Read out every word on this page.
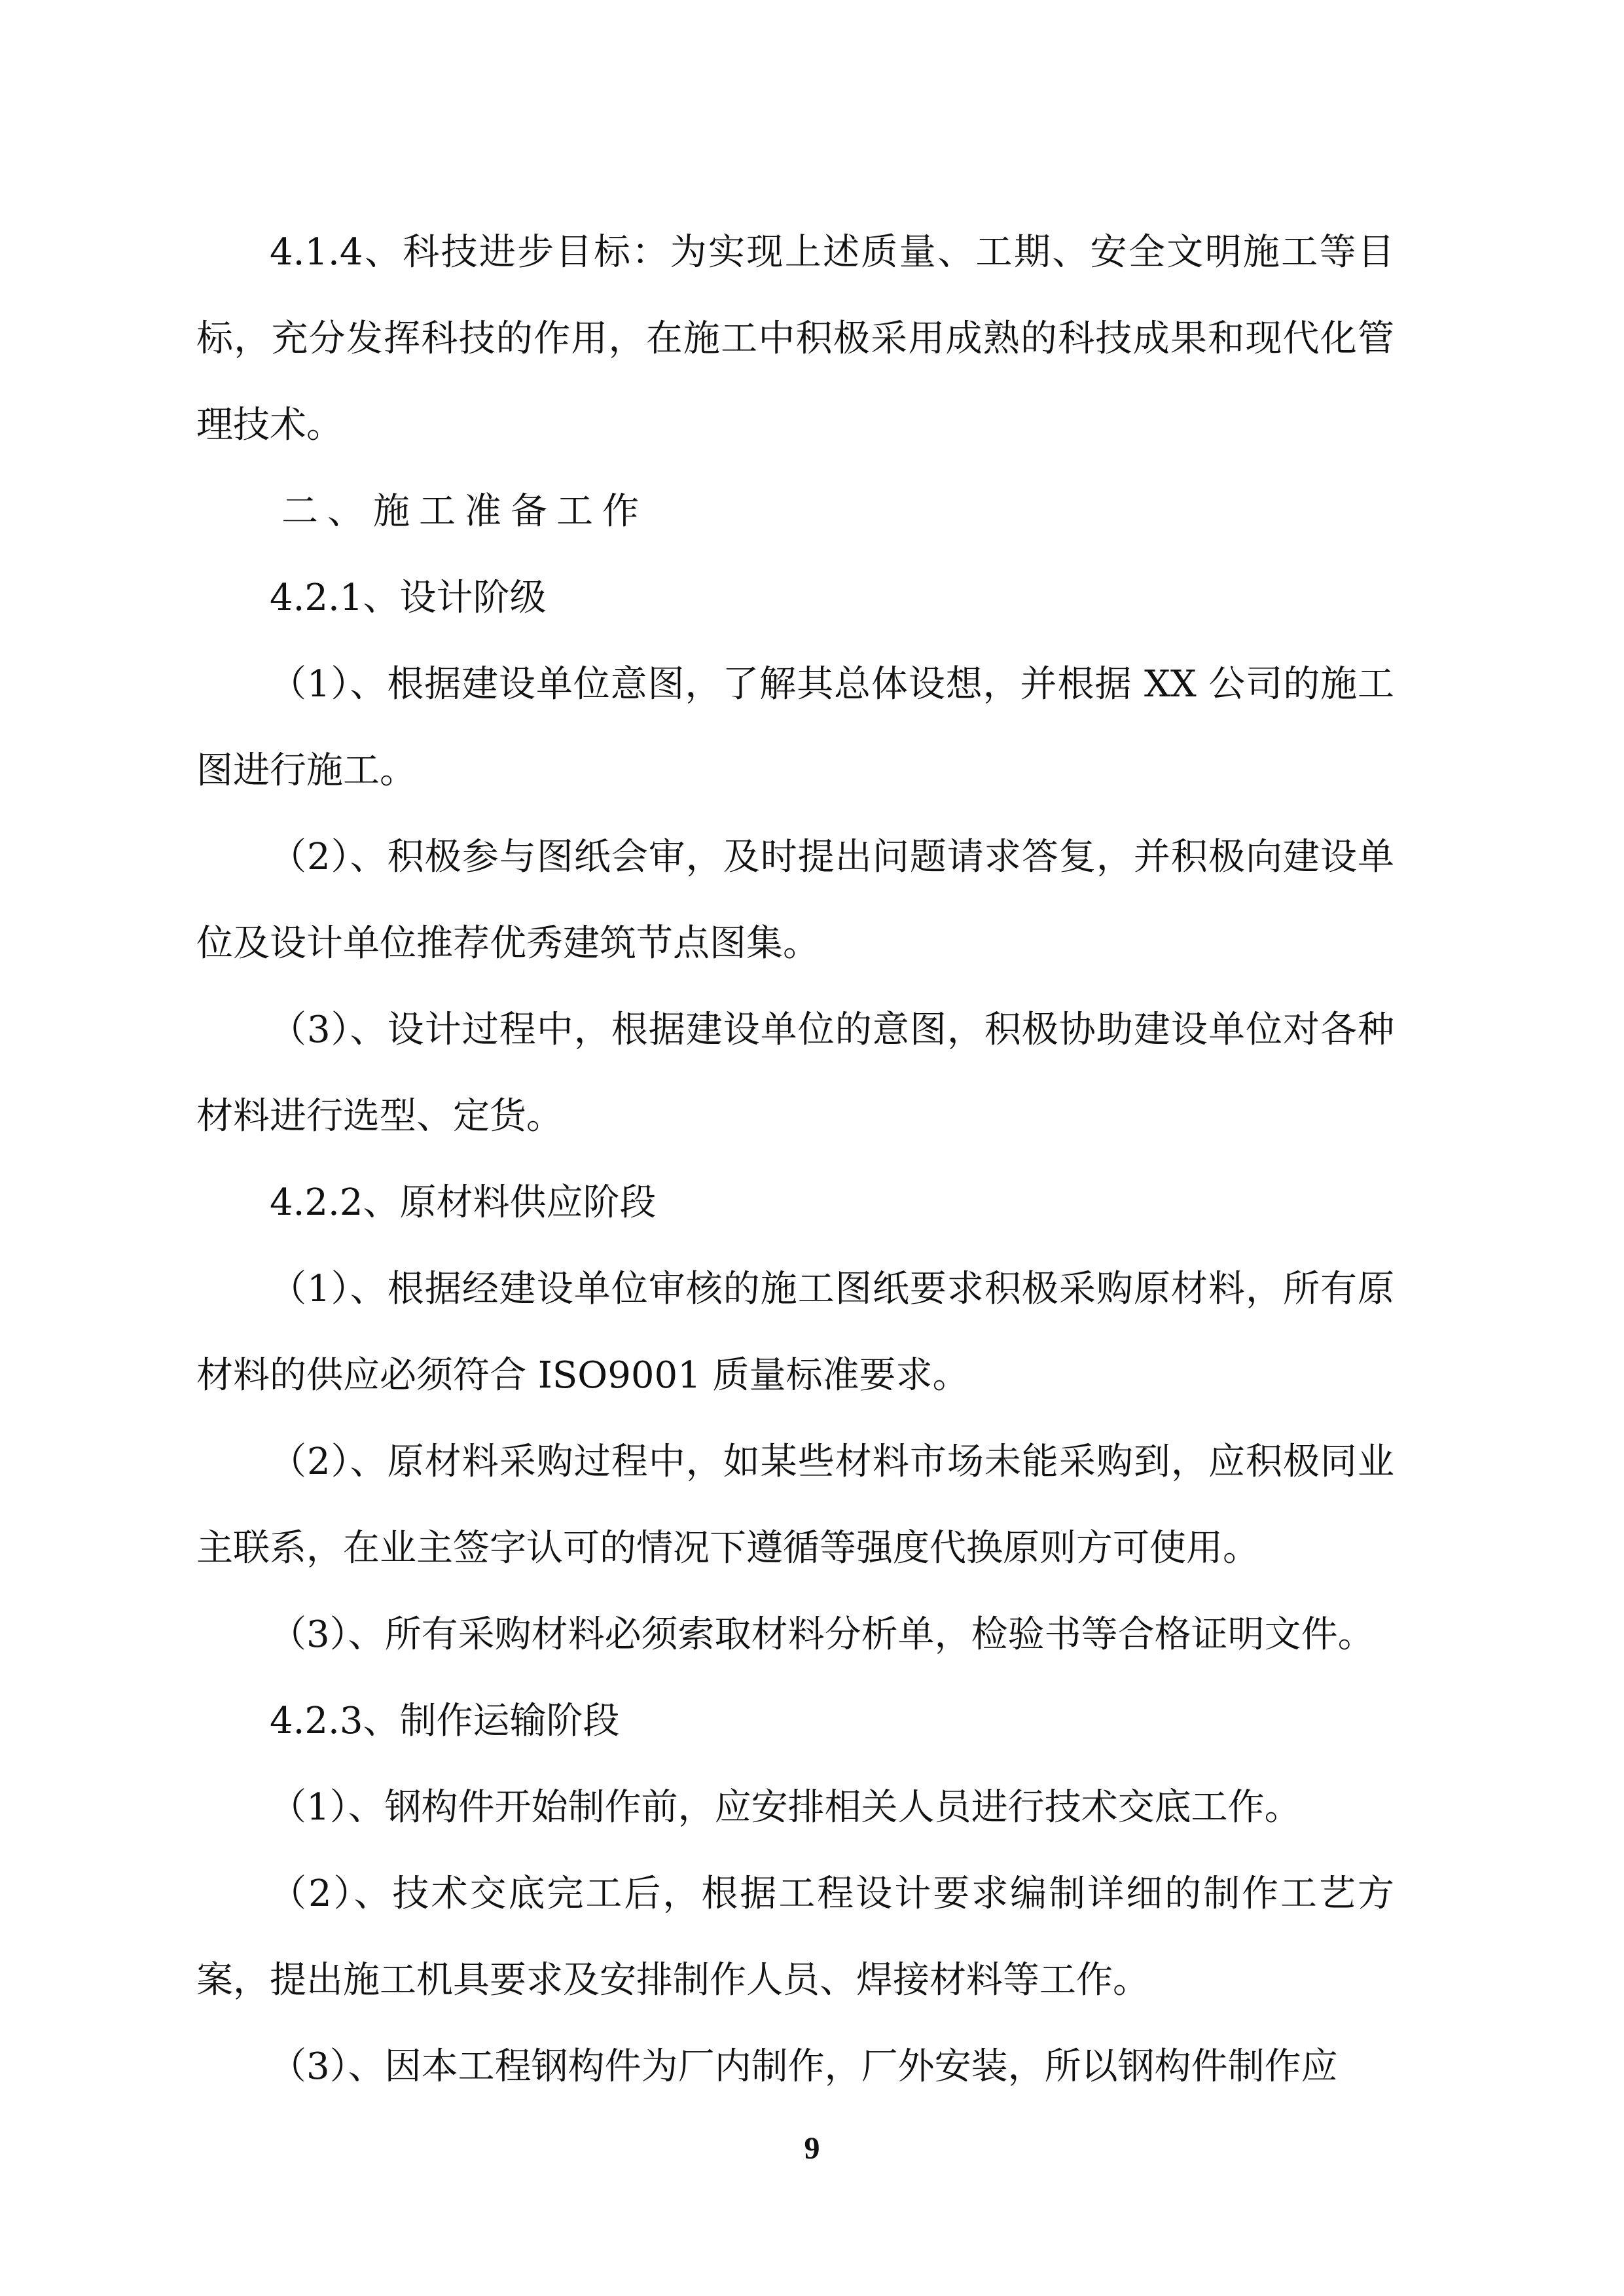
4.1.4、科技进步目标：为实现上述质量、工期、安全文明施工等目标，充分发挥科技的作用，在施工中积极采用成熟的科技成果和现代化管理技术。

二、施工准备工作

4.2.1、设计阶级

（1）、根据建设单位意图，了解其总体设想，并根据 XX 公司的施工图进行施工。

（2）、积极参与图纸会审，及时提出问题请求答复，并积极向建设单位及设计单位推荐优秀建筑节点图集。

（3）、设计过程中，根据建设单位的意图，积极协助建设单位对各种材料进行选型、定货。

4.2.2、原材料供应阶段

（1）、根据经建设单位审核的施工图纸要求积极采购原材料，所有原材料的供应必须符合 ISO9001 质量标准要求。

（2）、原材料采购过程中，如某些材料市场未能采购到，应积极同业主联系，在业主签字认可的情况下遵循等强度代换原则方可使用。

（3）、所有采购材料必须索取材料分析单，检验书等合格证明文件。

4.2.3、制作运输阶段

（1）、钢构件开始制作前，应安排相关人员进行技术交底工作。

（2）、技术交底完工后，根据工程设计要求编制详细的制作工艺方案，提出施工机具要求及安排制作人员、焊接材料等工作。

（3）、因本工程钢构件为厂内制作，厂外安装，所以钢构件制作应

9
